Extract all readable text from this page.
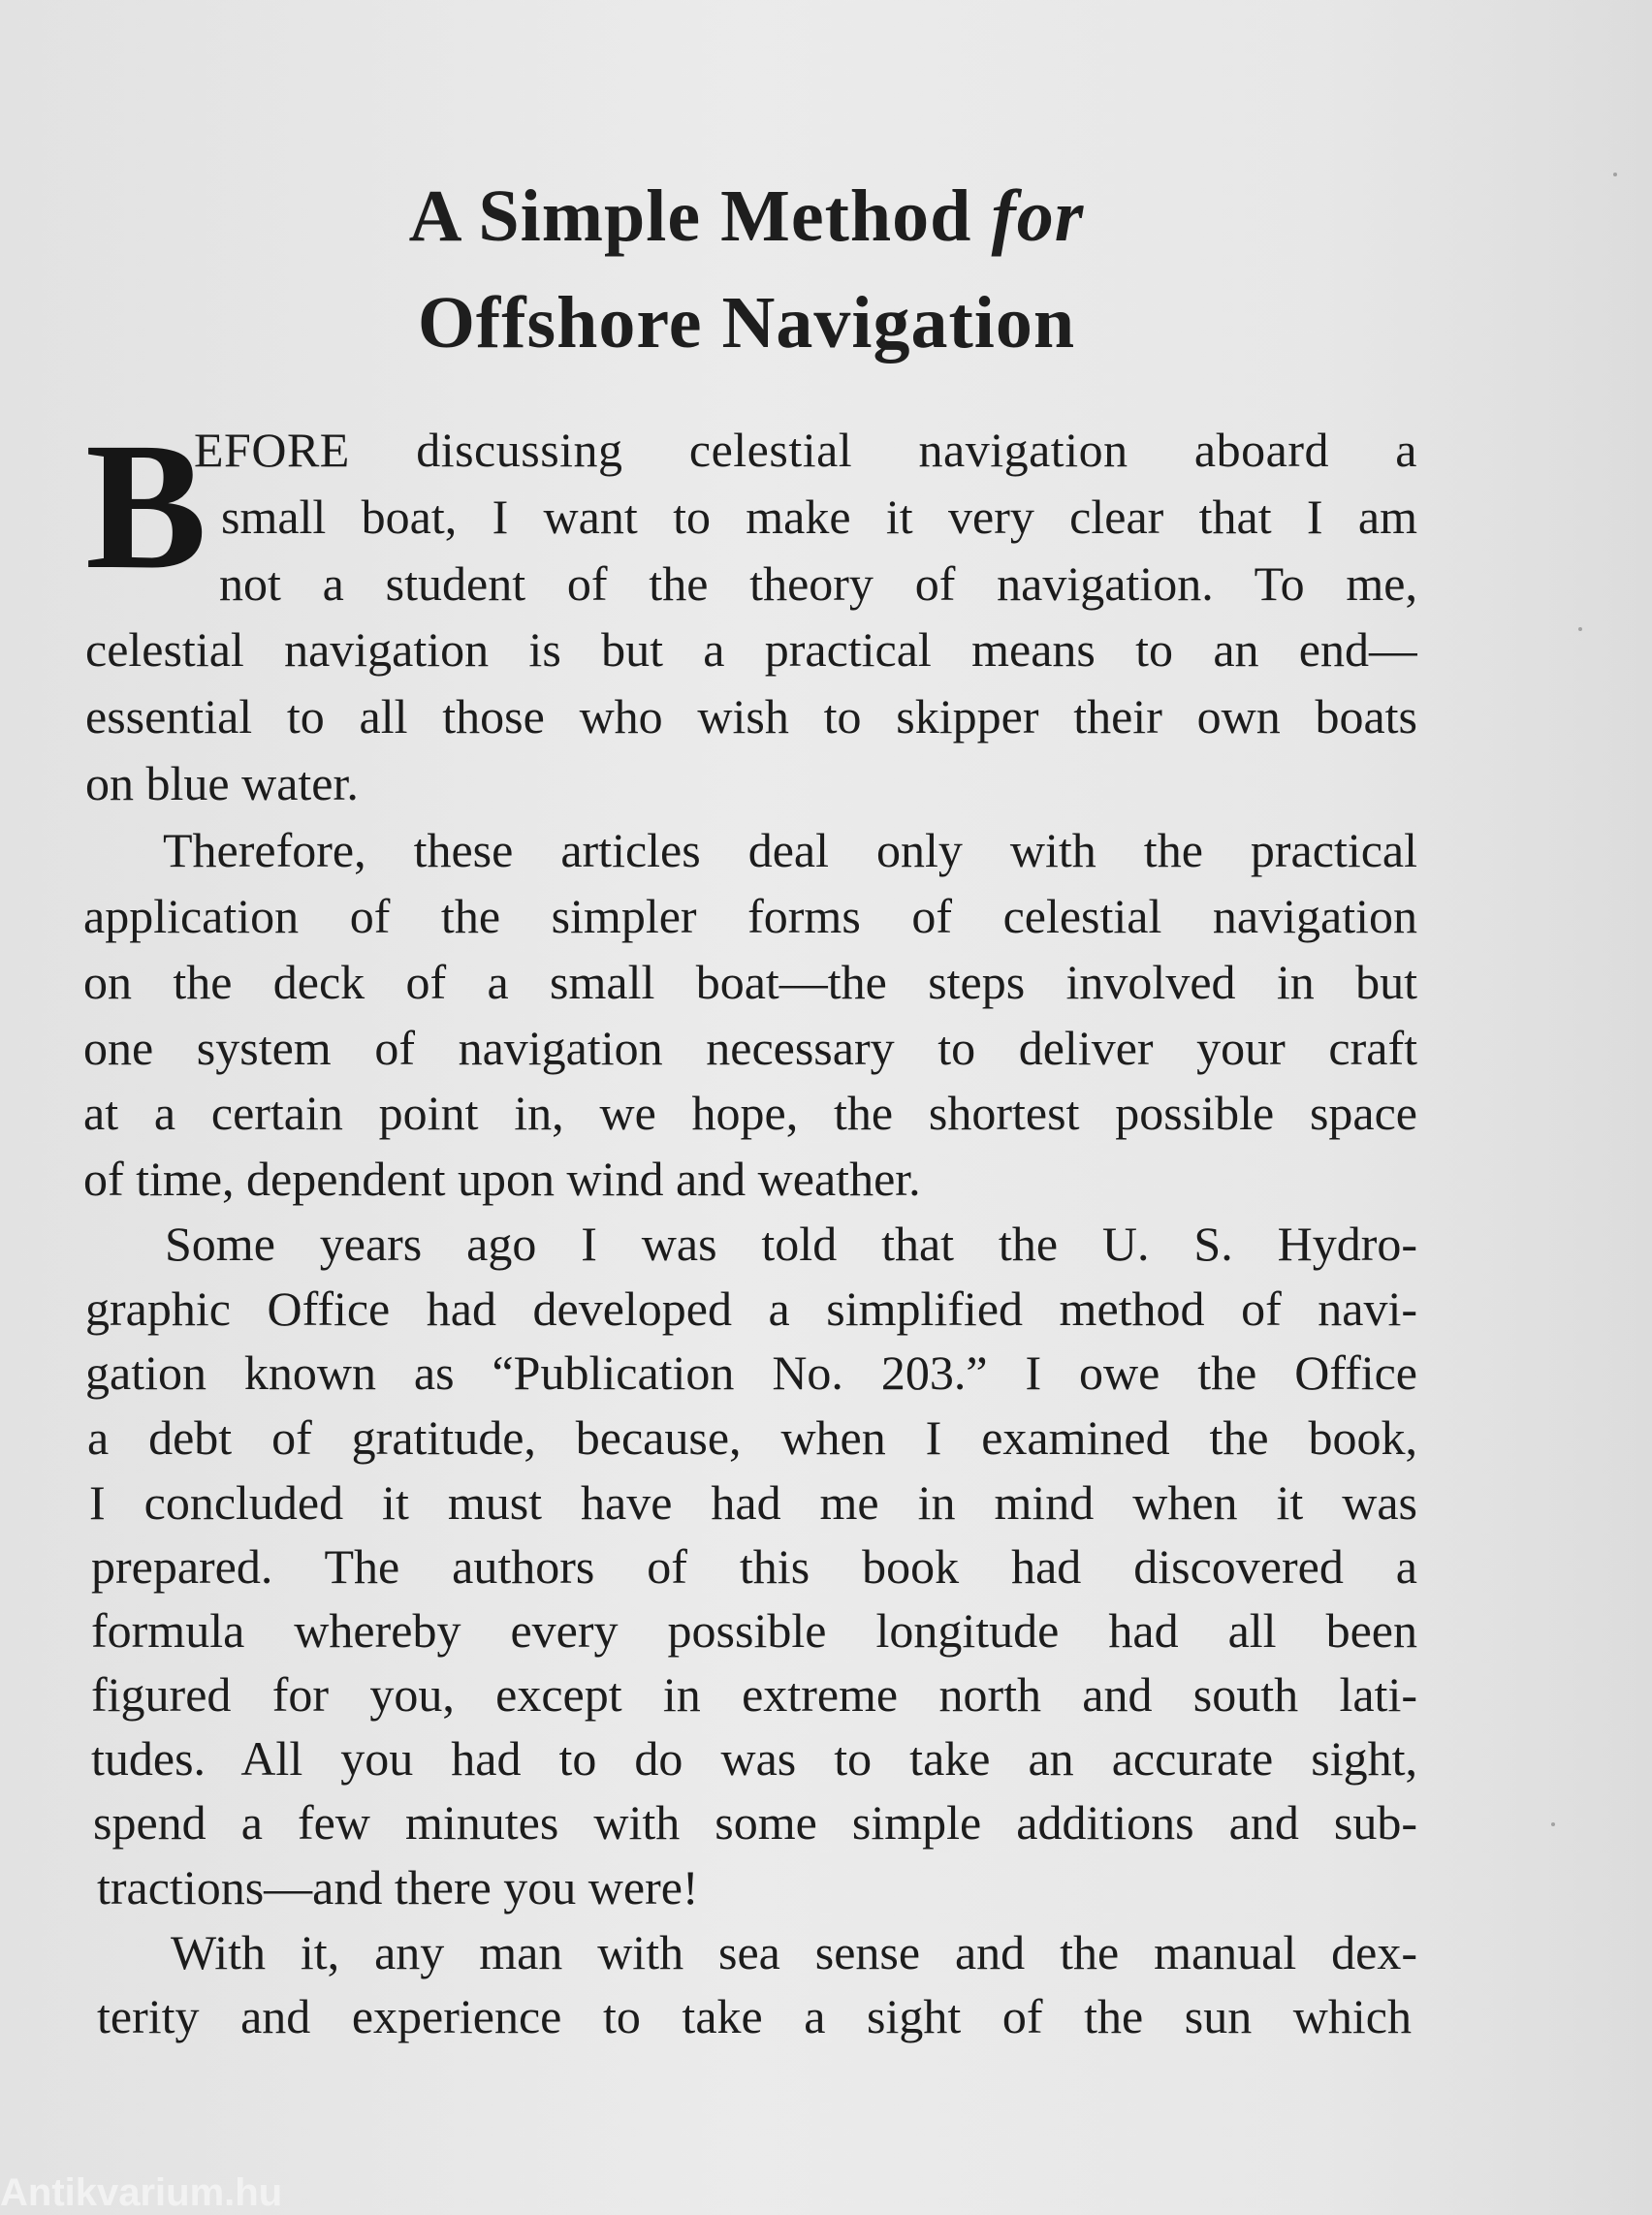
A Simple Method for
Offshore Navigation
B
EFORE discussing celestial navigation aboard a
small boat, I want to make it very clear that I am
not a student of the theory of navigation. To me,
celestial navigation is but a practical means to an end—
essential to all those who wish to skipper their own boats
on blue water.
Therefore, these articles deal only with the practical
application of the simpler forms of celestial navigation
on the deck of a small boat—the steps involved in but
one system of navigation necessary to deliver your craft
at a certain point in, we hope, the shortest possible space
of time, dependent upon wind and weather.
Some years ago I was told that the U. S. Hydro-
graphic Office had developed a simplified method of navi-
gation known as “Publication No. 203.” I owe the Office
a debt of gratitude, because, when I examined the book,
I concluded it must have had me in mind when it was
prepared. The authors of this book had discovered a
formula whereby every possible longitude had all been
figured for you, except in extreme north and south lati-
tudes. All you had to do was to take an accurate sight,
spend a few minutes with some simple additions and sub-
tractions—and there you were!
With it, any man with sea sense and the manual dex-
terity and experience to take a sight of the sun which
Antikvarium.hu
